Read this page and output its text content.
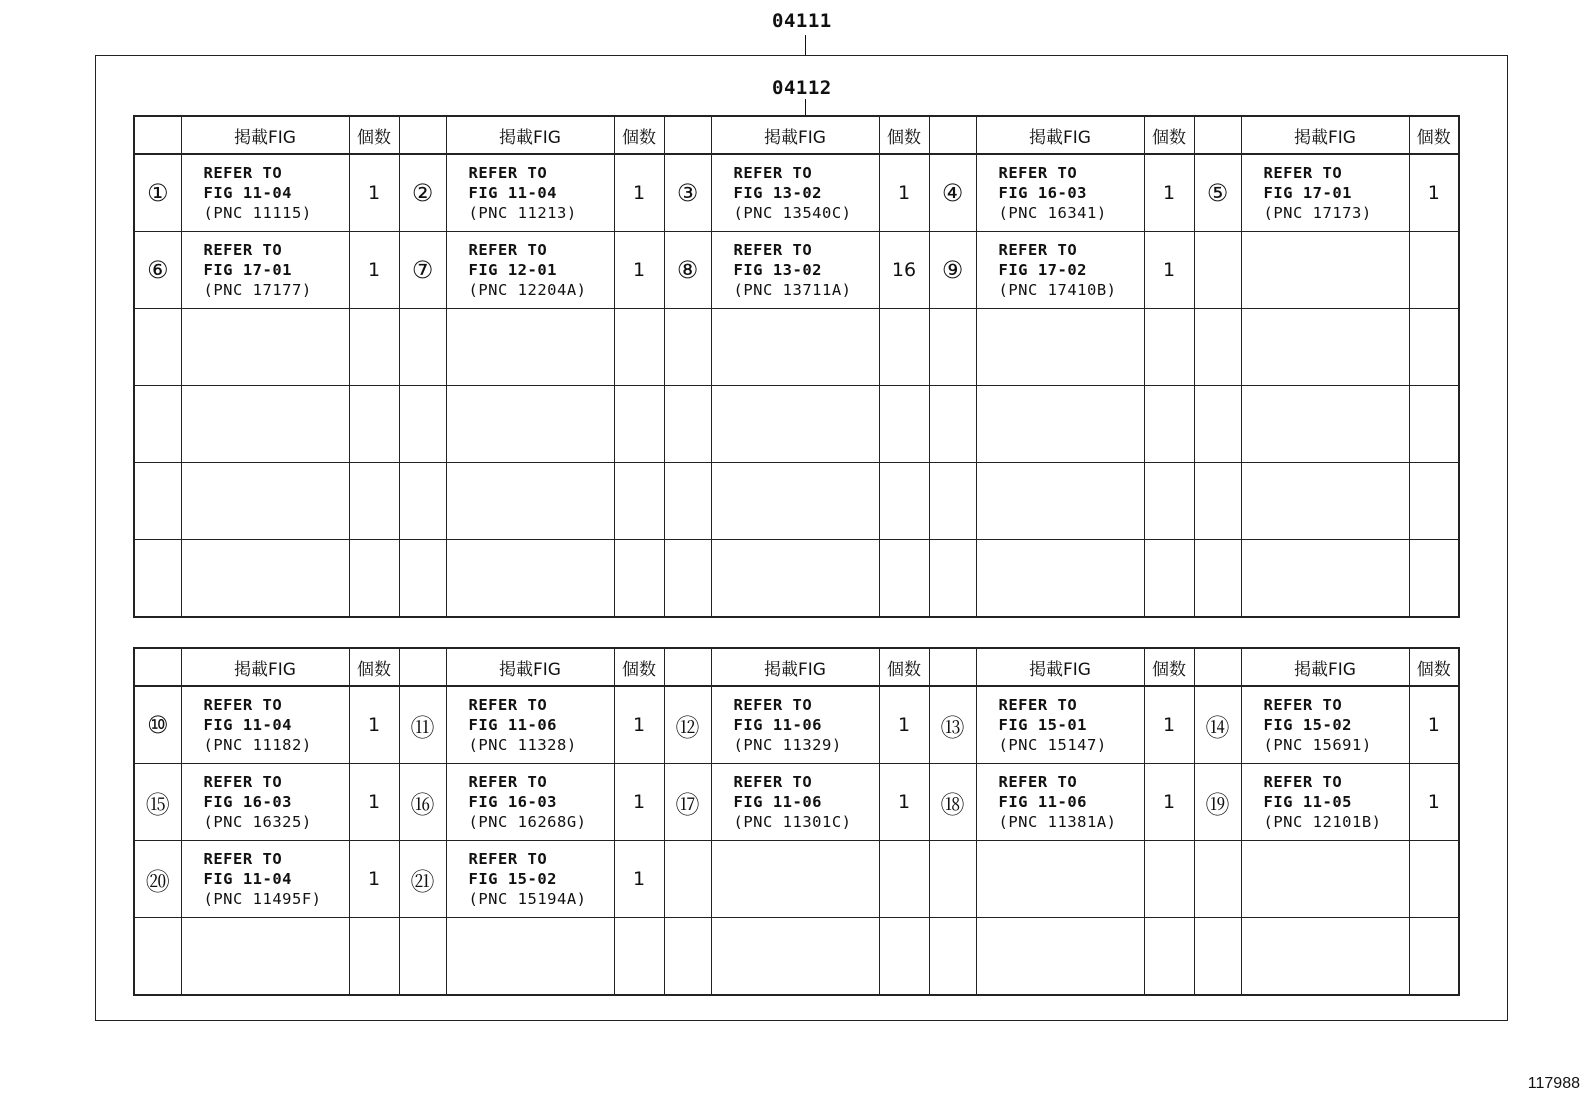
04111
04112
	掲載FIG	個数		掲載FIG	個数		掲載FIG	個数		掲載FIG	個数		掲載FIG	個数
①	REFER TO
FIG 11-04
(PNC 11115)	1	②	REFER TO
FIG 11-04
(PNC 11213)	1	③	REFER TO
FIG 13-02
(PNC 13540C)	1	④	REFER TO
FIG 16-03
(PNC 16341)	1	⑤	REFER TO
FIG 17-01
(PNC 17173)	1
⑥	REFER TO
FIG 17-01
(PNC 17177)	1	⑦	REFER TO
FIG 12-01
(PNC 12204A)	1	⑧	REFER TO
FIG 13-02
(PNC 13711A)	16	⑨	REFER TO
FIG 17-02
(PNC 17410B)	1			

	掲載FIG	個数		掲載FIG	個数		掲載FIG	個数		掲載FIG	個数		掲載FIG	個数
⑩	REFER TO
FIG 11-04
(PNC 11182)	1	⑪	REFER TO
FIG 11-06
(PNC 11328)	1	⑫	REFER TO
FIG 11-06
(PNC 11329)	1	⑬	REFER TO
FIG 15-01
(PNC 15147)	1	⑭	REFER TO
FIG 15-02
(PNC 15691)	1
⑮	REFER TO
FIG 16-03
(PNC 16325)	1	⑯	REFER TO
FIG 16-03
(PNC 16268G)	1	⑰	REFER TO
FIG 11-06
(PNC 11301C)	1	⑱	REFER TO
FIG 11-06
(PNC 11381A)	1	⑲	REFER TO
FIG 11-05
(PNC 12101B)	1
⑳	REFER TO
FIG 11-04
(PNC 11495F)	1	㉑	REFER TO
FIG 15-02
(PNC 15194A)	1									

117988
